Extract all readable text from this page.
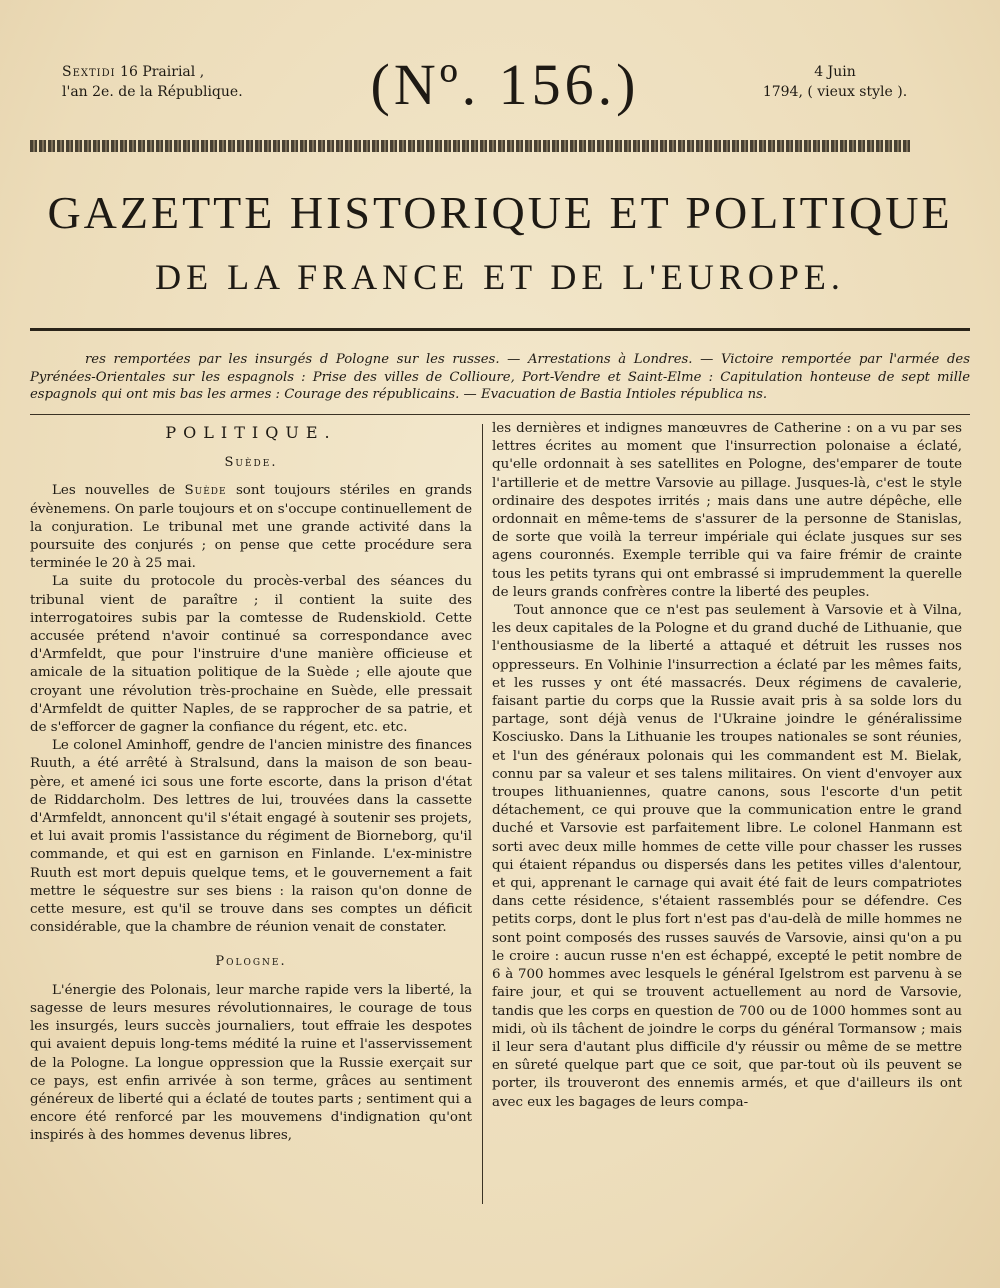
Sextidi 16 Prairial ,
l'an 2e. de la République.	(Nº. 156.)	4 Juin
1794, ( vieux style ).
GAZETTE HISTORIQUE ET POLITIQUE
DE LA FRANCE ET DE L'EUROPE.

res remportées par les insurgés d Pologne sur les russes. — Arrestations à Londres. — Victoire remportée par l'armée des Pyrénées-Orientales sur les espagnols : Prise des villes de Collioure, Port-Vendre et Saint-Elme : Capitulation honteuse de sept mille espagnols qui ont mis bas les armes : Courage des républicains. — Evacuation de Bastia Intioles républica ns.

POLITIQUE.
Suède.

Les nouvelles de Suède sont toujours stériles en grands évènemens. On parle toujours et on s'occupe continuellement de la conjuration. Le tribunal met une grande activité dans la poursuite des conjurés ; on pense que cette procédure sera terminée le 20 à 25 mai.

La suite du protocole du procès-verbal des séances du tribunal vient de paraître ; il contient la suite des interrogatoires subis par la comtesse de Rudenskiold. Cette accusée prétend n'avoir continué sa correspondance avec d'Armfeldt, que pour l'instruire d'une manière officieuse et amicale de la situation politique de la Suède ; elle ajoute que croyant une révolution très-prochaine en Suède, elle pressait d'Armfeldt de quitter Naples, de se rapprocher de sa patrie, et de s'efforcer de gagner la confiance du régent, etc. etc.

Le colonel Aminhoff, gendre de l'ancien ministre des finances Ruuth, a été arrêté à Stralsund, dans la maison de son beau-père, et amené ici sous une forte escorte, dans la prison d'état de Riddarcholm. Des lettres de lui, trouvées dans la cassette d'Armfeldt, annoncent qu'il s'était engagé à soutenir ses projets, et lui avait promis l'assistance du régiment de Biorneborg, qu'il commande, et qui est en garnison en Finlande. L'ex-ministre Ruuth est mort depuis quelque tems, et le gouvernement a fait mettre le séquestre sur ses biens : la raison qu'on donne de cette mesure, est qu'il se trouve dans ses comptes un déficit considérable, que la chambre de réunion venait de constater.

Pologne.

L'énergie des Polonais, leur marche rapide vers la liberté, la sagesse de leurs mesures révolutionnaires, le courage de tous les insurgés, leurs succès journaliers, tout effraie les despotes qui avaient depuis long-tems médité la ruine et l'asservissement de la Pologne. La longue oppression que la Russie exerçait sur ce pays, est enfin arrivée à son terme, grâces au sentiment généreux de liberté qui a éclaté de toutes parts ; sentiment qui a encore été renforcé par les mouvemens d'indignation qu'ont inspirés à des hommes devenus libres,

les dernières et indignes manœuvres de Catherine : on a vu par ses lettres écrites au moment que l'insurrection polonaise a éclaté, qu'elle ordonnait à ses satellites en Pologne, des'emparer de toute l'artillerie et de mettre Varsovie au pillage. Jusques-là, c'est le style ordinaire des despotes irrités ; mais dans une autre dépêche, elle ordonnait en même-tems de s'assurer de la personne de Stanislas, de sorte que voilà la terreur impériale qui éclate jusques sur ses agens couronnés. Exemple terrible qui va faire frémir de crainte tous les petits tyrans qui ont embrassé si imprudemment la querelle de leurs grands confrères contre la liberté des peuples.

Tout annonce que ce n'est pas seulement à Varsovie et à Vilna, les deux capitales de la Pologne et du grand duché de Lithuanie, que l'enthousiasme de la liberté a attaqué et détruit les russes nos oppresseurs. En Volhinie l'insurrection a éclaté par les mêmes faits, et les russes y ont été massacrés. Deux régimens de cavalerie, faisant partie du corps que la Russie avait pris à sa solde lors du partage, sont déjà venus de l'Ukraine joindre le généralissime Kosciusko. Dans la Lithuanie les troupes nationales se sont réunies, et l'un des généraux polonais qui les commandent est M. Bielak, connu par sa valeur et ses talens militaires. On vient d'envoyer aux troupes lithuaniennes, quatre canons, sous l'escorte d'un petit détachement, ce qui prouve que la communication entre le grand duché et Varsovie est parfaitement libre. Le colonel Hanmann est sorti avec deux mille hommes de cette ville pour chasser les russes qui étaient répandus ou dispersés dans les petites villes d'alentour, et qui, apprenant le carnage qui avait été fait de leurs compatriotes dans cette résidence, s'étaient rassemblés pour se défendre. Ces petits corps, dont le plus fort n'est pas d'au-delà de mille hommes ne sont point composés des russes sauvés de Varsovie, ainsi qu'on a pu le croire : aucun russe n'en est échappé, excepté le petit nombre de 6 à 700 hommes avec lesquels le général Igelstrom est parvenu à se faire jour, et qui se trouvent actuellement au nord de Varsovie, tandis que les corps en question de 700 ou de 1000 hommes sont au midi, où ils tâchent de joindre le corps du général Tormansow ; mais il leur sera d'autant plus difficile d'y réussir ou même de se mettre en sûreté quelque part que ce soit, que par-tout où ils peuvent se porter, ils trouveront des ennemis armés, et que d'ailleurs ils ont avec eux les bagages de leurs compa-
